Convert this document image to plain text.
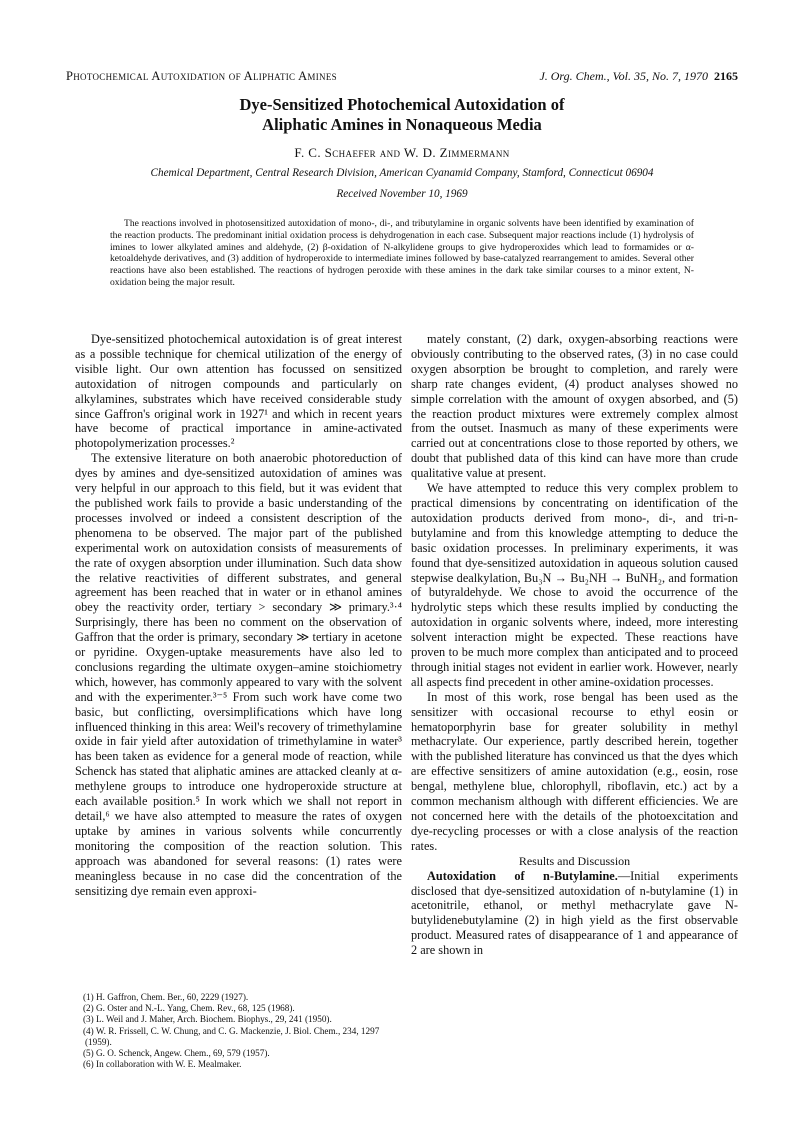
Photochemical Autoxidation of Aliphatic Amines	J. Org. Chem., Vol. 35, No. 7, 1970 2165
Dye-Sensitized Photochemical Autoxidation of
Aliphatic Amines in Nonaqueous Media
F. C. Schaefer and W. D. Zimmermann
Chemical Department, Central Research Division, American Cyanamid Company, Stamford, Connecticut 06904
Received November 10, 1969
The reactions involved in photosensitized autoxidation of mono-, di-, and tributylamine in organic solvents have been identified by examination of the reaction products. The predominant initial oxidation process is dehydrogenation in each case. Subsequent major reactions include (1) hydrolysis of imines to lower alkylated amines and aldehyde, (2) β-oxidation of N-alkylidene groups to give hydroperoxides which lead to formamides or α-ketoaldehyde derivatives, and (3) addition of hydroperoxide to intermediate imines followed by base-catalyzed rearrangement to amides. Several other reactions have also been established. The reactions of hydrogen peroxide with these amines in the dark take similar courses to a minor extent, N-oxidation being the major result.

Dye-sensitized photochemical autoxidation is of great interest as a possible technique for chemical utilization of the energy of visible light. Our own attention has focussed on sensitized autoxidation of nitrogen compounds and particularly on alkylamines, substrates which have received considerable study since Gaffron's original work in 1927¹ and which in recent years have become of practical importance in amine-activated photopolymerization processes.²

The extensive literature on both anaerobic photoreduction of dyes by amines and dye-sensitized autoxidation of amines was very helpful in our approach to this field, but it was evident that the published work fails to provide a basic understanding of the processes involved or indeed a consistent description of the phenomena to be observed. The major part of the published experimental work on autoxidation consists of measurements of the rate of oxygen absorption under illumination. Such data show the relative reactivities of different substrates, and general agreement has been reached that in water or in ethanol amines obey the reactivity order, tertiary > secondary ≫ primary.³·⁴ Surprisingly, there has been no comment on the observation of Gaffron that the order is primary, secondary ≫ tertiary in acetone or pyridine. Oxygen-uptake measurements have also led to conclusions regarding the ultimate oxygen–amine stoichiometry which, however, has commonly appeared to vary with the solvent and with the experimenter.³⁻⁵ From such work have come two basic, but conflicting, oversimplifications which have long influenced thinking in this area: Weil's recovery of trimethylamine oxide in fair yield after autoxidation of trimethylamine in water³ has been taken as evidence for a general mode of reaction, while Schenck has stated that aliphatic amines are attacked cleanly at α-methylene groups to introduce one hydroperoxide structure at each available position.⁵ In work which we shall not report in detail,⁶ we have also attempted to measure the rates of oxygen uptake by amines in various solvents while concurrently monitoring the composition of the reaction solution. This approach was abandoned for several reasons: (1) rates were meaningless because in no case did the concentration of the sensitizing dye remain even approxi-

(1) H. Gaffron, Chem. Ber., 60, 2229 (1927).
(2) G. Oster and N.-L. Yang, Chem. Rev., 68, 125 (1968).
(3) L. Weil and J. Maher, Arch. Biochem. Biophys., 29, 241 (1950).
(4) W. R. Frissell, C. W. Chung, and C. G. Mackenzie, J. Biol. Chem., 234, 1297 (1959).
(5) G. O. Schenck, Angew. Chem., 69, 579 (1957).
(6) In collaboration with W. E. Mealmaker.

mately constant, (2) dark, oxygen-absorbing reactions were obviously contributing to the observed rates, (3) in no case could oxygen absorption be brought to completion, and rarely were sharp rate changes evident, (4) product analyses showed no simple correlation with the amount of oxygen absorbed, and (5) the reaction product mixtures were extremely complex almost from the outset. Inasmuch as many of these experiments were carried out at concentrations close to those reported by others, we doubt that published data of this kind can have more than crude qualitative value at present.

We have attempted to reduce this very complex problem to practical dimensions by concentrating on identification of the autoxidation products derived from mono-, di-, and tri-n-butylamine and from this knowledge attempting to deduce the basic oxidation processes. In preliminary experiments, it was found that dye-sensitized autoxidation in aqueous solution caused stepwise dealkylation, Bu₃N → Bu₂NH → BuNH₂, and formation of butyraldehyde. We chose to avoid the occurrence of the hydrolytic steps which these results implied by conducting the autoxidation in organic solvents where, indeed, more interesting solvent interaction might be expected. These reactions have proven to be much more complex than anticipated and to proceed through initial stages not evident in earlier work. However, nearly all aspects find precedent in other amine-oxidation processes.

In most of this work, rose bengal has been used as the sensitizer with occasional recourse to ethyl eosin or hematoporphyrin base for greater solubility in methyl methacrylate. Our experience, partly described herein, together with the published literature has convinced us that the dyes which are effective sensitizers of amine autoxidation (e.g., eosin, rose bengal, methylene blue, chlorophyll, riboflavin, etc.) act by a common mechanism although with different efficiencies. We are not concerned here with the details of the photoexcitation and dye-recycling processes or with a close analysis of the reaction rates.

Results and Discussion

Autoxidation of n-Butylamine.—Initial experiments disclosed that dye-sensitized autoxidation of n-butylamine (1) in acetonitrile, ethanol, or methyl methacrylate gave N-butylidenebutylamine (2) in high yield as the first observable product. Measured rates of disappearance of 1 and appearance of 2 are shown in
